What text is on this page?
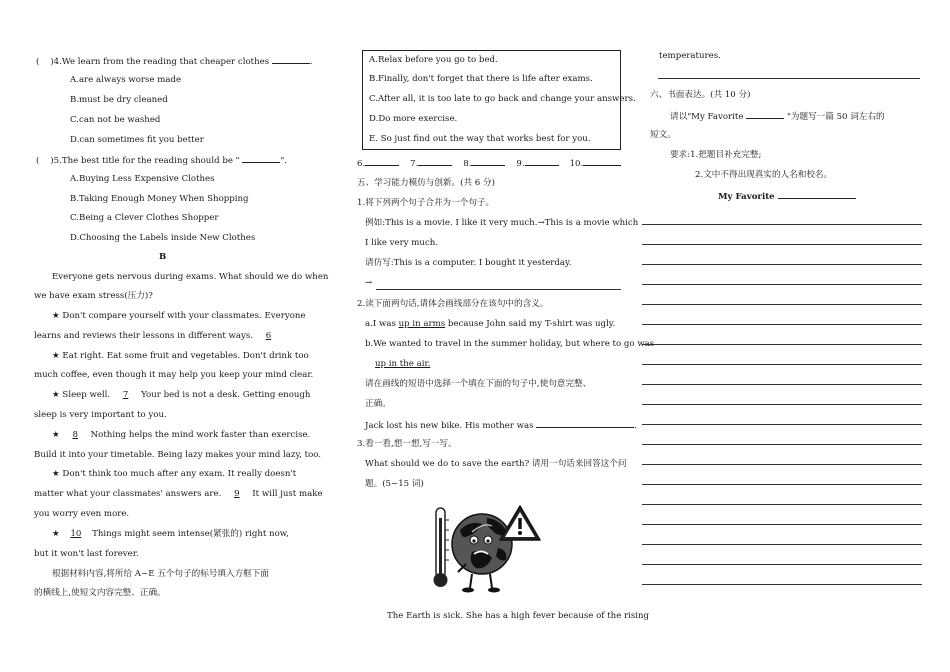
( )4.We learn from the reading that cheaper clothes	.
A.are always worse made
B.must be dry cleaned
C.can not be washed
D.can sometimes fit you better
( )5.The best title for the reading should be "	".
A.Buying Less Expensive Clothes
B.Taking Enough Money When Shopping
C.Being a Clever Clothes Shopper
D.Choosing the Labels inside New Clothes
B
Everyone gets nervous during exams. What should we do when
we have exam stress(压力)?
★ Don't compare yourself with your classmates. Everyone
learns and reviews their lessons in different ways. 6
★ Eat right. Eat some fruit and vegetables. Don't drink too
much coffee, even though it may help you keep your mind clear.
★ Sleep well. 7 Your bed is not a desk. Getting enough
sleep is very important to you.
★ 8 Nothing helps the mind work faster than exercise.
Build it into your timetable. Being lazy makes your mind lazy, too.
★ Don't think too much after any exam. It really doesn't
matter what your classmates' answers are. 9 It will just make
you worry even more.
★ 10 Things might seem intense(紧张的) right now,
but it won't last forever.
根据材料内容,将所给 A~E 五个句子的标号填入方框下面
的横线上,使短文内容完整、正确。
A.Relax before you go to bed.
B.Finally, don't forget that there is life after exams.
C.After all, it is too late to go back and change your answers.
D.Do more exercise.
E. So just find out the way that works best for you.
6.	7.	8.	9.	10.
五、学习能力模仿与创新。(共 6 分)
1.将下列两个句子合并为一个句子。
例如:This is a movie. I like it very much.→This is a movie which
I like very much.
请仿写:This is a computer. I bought it yesterday.
→
2.读下面两句话,请体会画线部分在该句中的含义。
a.I was up in arms because John said my T-shirt was ugly.
b.We wanted to travel in the summer holiday, but where to go was
up in the air.
请在画线的短语中选择一个填在下面的句子中,使句意完整、
正确。
Jack lost his new bike. His mother was	.
3.看一看,想一想,写一写。
What should we do to save the earth? 请用一句话来回答这个问
题。(5~15 词)
The Earth is sick. She has a high fever because of the rising
temperatures.
六、书面表达。(共 10 分)
请以"My Favorite	"为题写一篇 50 词左右的
短文。
要求:1.把题目补充完整;
2.文中不得出现真实的人名和校名。
My Favorite
